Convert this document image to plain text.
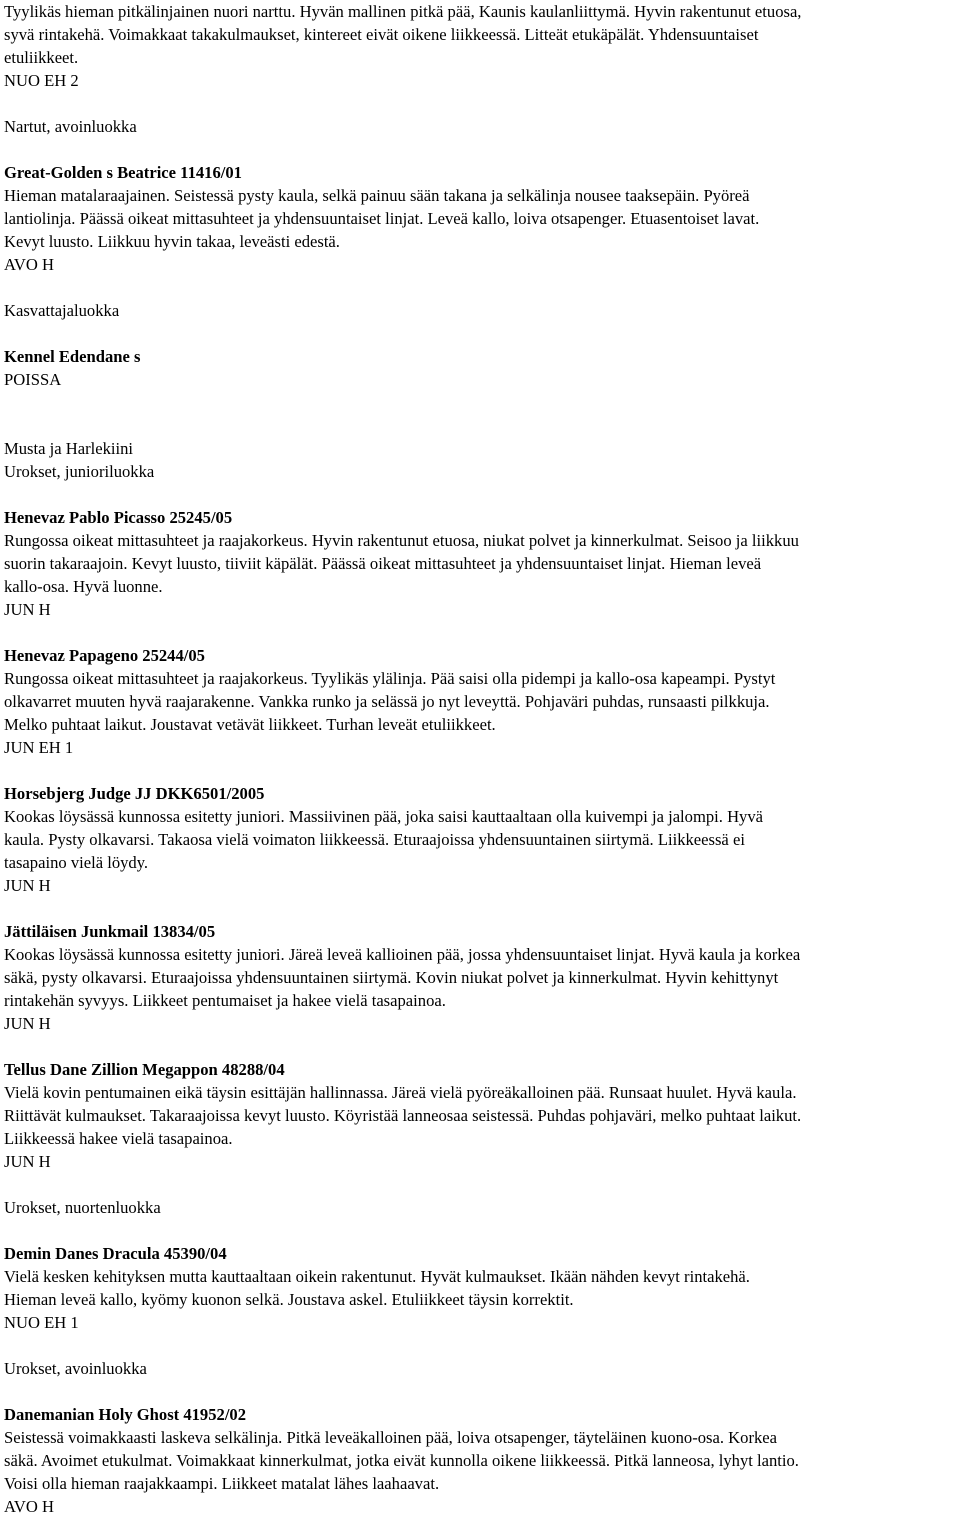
Tyylikäs hieman pitkälinjainen nuori narttu. Hyvän mallinen pitkä pää, Kaunis kaulanliittymä. Hyvin rakentunut etuosa,
syvä rintakehä. Voimakkaat takakulmaukset, kintereet eivät oikene liikkeessä. Litteät etukäpälät. Yhdensuuntaiset
etuliikkeet.
NUO EH 2
Nartut, avoinluokka
Great-Golden s Beatrice 11416/01
Hieman matalaraajainen. Seistessä pysty kaula, selkä painuu sään takana ja selkälinja nousee taaksepäin. Pyöreä
lantiolinja. Päässä oikeat mittasuhteet ja yhdensuuntaiset linjat. Leveä kallo, loiva otsapenger. Etuasentoiset lavat.
Kevyt luusto. Liikkuu hyvin takaa, leveästi edestä.
AVO H
Kasvattajaluokka
Kennel Edendane s
POISSA
Musta ja Harlekiini
Urokset, junioriluokka
Henevaz Pablo Picasso 25245/05
Rungossa oikeat mittasuhteet ja raajakorkeus. Hyvin rakentunut etuosa, niukat polvet ja kinnerkulmat. Seisoo ja liikkuu
suorin takaraajoin. Kevyt luusto, tiiviit käpälät. Päässä oikeat mittasuhteet ja yhdensuuntaiset linjat. Hieman leveä
kallo-osa. Hyvä luonne.
JUN H
Henevaz Papageno 25244/05
Rungossa oikeat mittasuhteet ja raajakorkeus. Tyylikäs ylälinja. Pää saisi olla pidempi ja kallo-osa kapeampi. Pystyt
olkavarret muuten hyvä raajarakenne. Vankka runko ja selässä jo nyt leveyttä. Pohjaväri puhdas, runsaasti pilkkuja.
Melko puhtaat laikut. Joustavat vetävät liikkeet. Turhan leveät etuliikkeet.
JUN EH 1
Horsebjerg Judge JJ DKK6501/2005
Kookas löysässä kunnossa esitetty juniori. Massiivinen pää, joka saisi kauttaaltaan olla kuivempi ja jalompi. Hyvä
kaula. Pysty olkavarsi. Takaosa vielä voimaton liikkeessä. Eturaajoissa yhdensuuntainen siirtymä. Liikkeessä ei
tasapaino vielä löydy.
JUN H
Jättiläisen Junkmail 13834/05
Kookas löysässä kunnossa esitetty juniori. Järeä leveä kallioinen pää, jossa yhdensuuntaiset linjat. Hyvä kaula ja korkea
säkä, pysty olkavarsi. Eturaajoissa yhdensuuntainen siirtymä. Kovin niukat polvet ja kinnerkulmat. Hyvin kehittynyt
rintakehän syvyys. Liikkeet pentumaiset ja hakee vielä tasapainoa.
JUN H
Tellus Dane Zillion Megappon 48288/04
Vielä kovin pentumainen eikä täysin esittäjän hallinnassa. Järeä vielä pyöreäkalloinen pää. Runsaat huulet. Hyvä kaula.
Riittävät kulmaukset. Takaraajoissa kevyt luusto. Köyristää lanneosaa seistessä. Puhdas pohjaväri, melko puhtaat laikut.
Liikkeessä hakee vielä tasapainoa.
JUN H
Urokset, nuortenluokka
Demin Danes Dracula 45390/04
Vielä kesken kehityksen mutta kauttaaltaan oikein rakentunut. Hyvät kulmaukset. Ikään nähden kevyt rintakehä.
Hieman leveä kallo, kyömy kuonon selkä. Joustava askel. Etuliikkeet täysin korrektit.
NUO EH 1
Urokset, avoinluokka
Danemanian Holy Ghost 41952/02
Seistessä voimakkaasti laskeva selkälinja. Pitkä leveäkalloinen pää, loiva otsapenger, täyteläinen kuono-osa. Korkea
säkä. Avoimet etukulmat. Voimakkaat kinnerkulmat, jotka eivät kunnolla oikene liikkeessä. Pitkä lanneosa, lyhyt lantio.
Voisi olla hieman raajakkaampi. Liikkeet matalat lähes laahaavat.
AVO H
